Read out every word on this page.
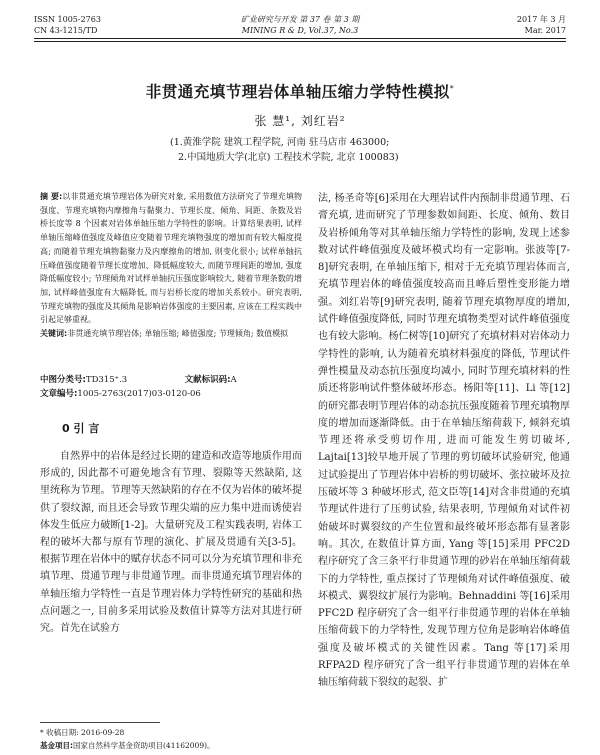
ISSN 1005-2763
CN 43-1215/TD
矿业研究与开发 第 37 卷 第 3 期
MINING R & D, Vol.37, No.3
2017 年 3 月
Mar. 2017
非贯通充填节理岩体单轴压缩力学特性模拟*
张 慧¹, 刘红岩²
(1.黄淮学院 建筑工程学院, 河南 驻马店市 463000;
2.中国地质大学(北京) 工程技术学院, 北京 100083)
摘 要:以非贯通充填节理岩体为研究对象, 采用数值方法研究了节理充填物强度、节理充填物内摩擦角与黏聚力、节理长度、倾角、间距、条数及岩桥长度等 8 个因素对岩体单轴压缩力学特性的影响。计算结果表明, 试样单轴压缩峰值强度及峰值应变随着节理充填物强度的增加而有较大幅度提高; 而随着节理充填物黏聚力及内摩擦角的增加, 则变化很小; 试样单轴抗压峰值强度随着节理长度增加、降低幅度较大, 而随节理间距的增加, 强度降低幅度较小; 节理倾角对试样单轴抗压强度影响较大, 随着节理条数的增加, 试样峰值强度有大幅降低, 而与岩桥长度的增加关系较小。研究表明, 节理充填物的强度及其倾角是影响岩体强度的主要因素, 应该在工程实践中引起足够重视。
关键词:非贯通充填节理岩体; 单轴压缩; 峰值强度; 节理倾角; 数值模拟
中图分类号:TD315⁺.3	文献标识码:A
文章编号:1005-2763(2017)03-0120-06
0 引 言
自然界中的岩体是经过长期的建造和改造等地质作用而形成的, 因此都不可避免地含有节理、裂隙等天然缺陷, 这里统称为节理。节理等天然缺陷的存在不仅为岩体的破坏提供了裂纹源, 而且还会导致节理尖端的应力集中进而诱使岩体发生低应力破断[1-2]。大量研究及工程实践表明, 岩体工程的破坏大都与原有节理的演化、扩展及贯通有关[3-5]。根据节理在岩体中的赋存状态不同可以分为充填节理和非充填节理、贯通节理与非贯通节理。而非贯通充填节理岩体的单轴压缩力学特性一直是节理岩体力学特性研究的基础和热点问题之一, 目前多采用试验及数值计算等方法对其进行研究。首先在试验方
法, 杨圣奇等[6]采用在大理岩试件内预制非贯通节理、石膏充填, 进而研究了节理参数如间距、长度、倾角、数目及岩桥倾角等对其单轴压缩力学特性的影响, 发现上述参数对试件峰值强度及破坏模式均有一定影响。张波等[7-8]研究表明, 在单轴压缩下, 相对于无充填节理岩体而言, 充填节理岩体的峰值强度较高而且峰后塑性变形能力增强。刘红岩等[9]研究表明, 随着节理充填物厚度的增加, 试件峰值强度降低, 同时节理充填物类型对试件峰值强度也有较大影响。杨仁树等[10]研究了充填材料对岩体动力学特性的影响, 认为随着充填材料强度的降低, 节理试件弹性模量及动态抗压强度均减小, 同时节理充填材料的性质还将影响试件整体破坏形态。杨阳等[11]、Li 等[12]的研究都表明节理岩体的动态抗压强度随着节理充填物厚度的增加而逐渐降低。由于在单轴压缩荷载下, 倾斜充填节理还将承受剪切作用, 进而可能发生剪切破坏, Lajtai[13]较早地开展了节理的剪切破坏试验研究, 他通过试验提出了节理岩体中岩桥的剪切破坏、张拉破坏及拉压破坏等 3 种破坏形式, 范文臣等[14]对含非贯通的充填节理试件进行了压剪试验, 结果表明, 节理倾角对试件初始破坏时翼裂纹的产生位置和最终破坏形态都有显著影响。其次, 在数值计算方面, Yang 等[15]采用 PFC2D 程序研究了含三条平行非贯通节理的砂岩在单轴压缩荷载下的力学特性, 重点探讨了节理倾角对试件峰值强度、破坏模式、翼裂纹扩展行为影响。Behnaddini 等[16]采用 PFC2D 程序研究了含一组平行非贯通节理的岩体在单轴压缩荷载下的力学特性, 发现节理方位角是影响岩体峰值强度及破坏模式的关键性因素。Tang 等[17]采用 RFPA2D 程序研究了含一组平行非贯通节理的岩体在单轴压缩荷载下裂纹的起裂、扩
* 收稿日期: 2016-09-28
基金项目:国家自然科学基金资助项目(41162009)。
